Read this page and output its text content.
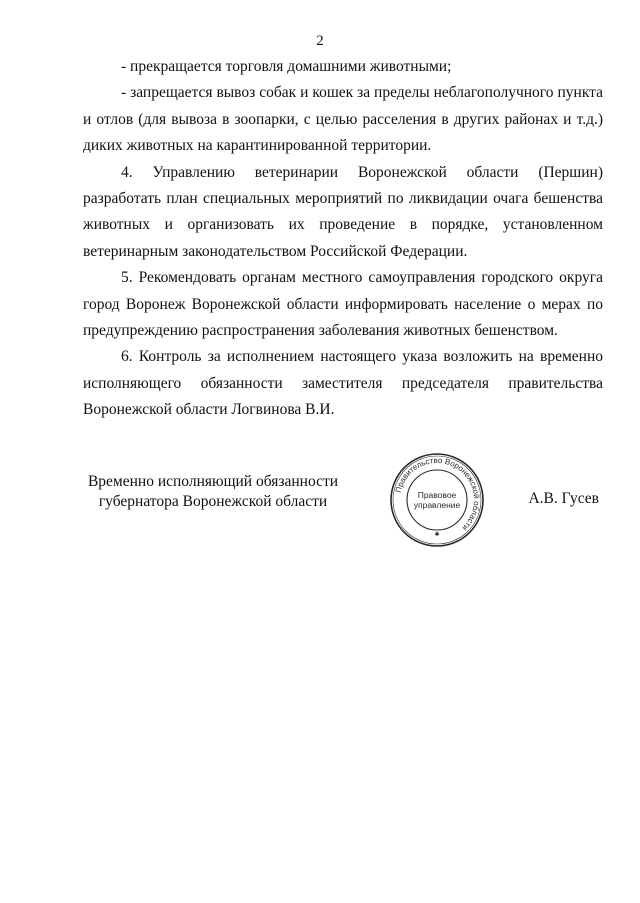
2

- прекращается торговля домашними животными;

- запрещается вывоз собак и кошек за пределы неблагополучного пункта и отлов (для вывоза в зоопарки, с целью расселения в других районах и т.д.) диких животных на карантинированной территории.

4. Управлению ветеринарии Воронежской области (Першин) разработать план специальных мероприятий по ликвидации очага бешенства животных и организовать их проведение в порядке, установленном ветеринарным законодательством Российской Федерации.

5. Рекомендовать органам местного самоуправления городского округа город Воронеж Воронежской области информировать население о мерах по предупреждению распространения заболевания животных бешенством.

6. Контроль за исполнением настоящего указа возложить на временно исполняющего обязанности заместителя председателя правительства Воронежской области Логвинова В.И.

Временно исполняющий обязанности
губернатора Воронежской области	А.В. Гусев
Правительство Воронежской области
Правовое
управление
✱
